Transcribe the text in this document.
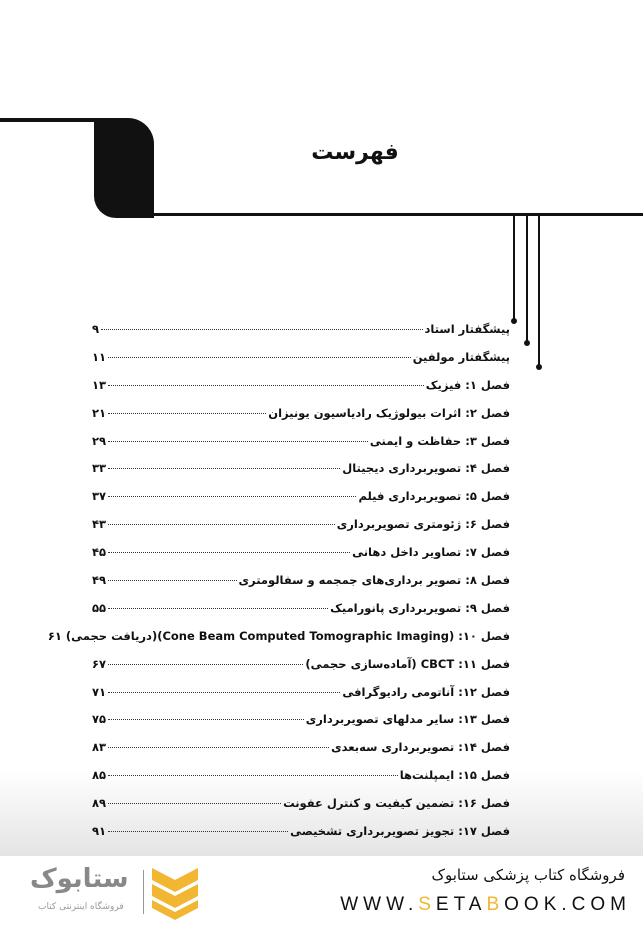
فهرست
پیشگفتار استاد
۹
پیشگفتار مولفین
۱۱
فصل ۱: فیزیک
۱۳
فصل ۲: اثرات بیولوژیک رادیاسیون یونیزان
۲۱
فصل ۳: حفاظت و ایمنی
۲۹
فصل ۴: تصویربرداری دیجیتال
۳۳
فصل ۵: تصویربرداری فیلم
۳۷
فصل ۶: ژئومتری تصویربرداری
۴۳
فصل ۷: تصاویر داخل دهانی
۴۵
فصل ۸: تصویر برداری‌های جمجمه و سفالومتری
۴۹
فصل ۹: تصویربرداری پانورامیک
۵۵
فصل ۱۰: (Cone Beam Computed Tomographic Imaging)(دریافت حجمی)
۶۱
فصل ۱۱: CBCT (آماده‌سازی حجمی)
۶۷
فصل ۱۲: آناتومی رادیوگرافی
۷۱
فصل ۱۳: سایر مدلهای تصویربرداری
۷۵
فصل ۱۴: تصویربرداری سه‌بعدی
۸۳
فصل ۱۵: ایمپلنت‌ها
۸۵
فصل ۱۶: تضمین کیفیت و کنترل عفونت
۸۹
فصل ۱۷: تجویز تصویربرداری تشخیصی
۹۱
فروشگاه کتاب پزشکی ستابوک
WWW.SETABOOK.COM
ستابوک
فروشگاه اینترنتی کتاب
